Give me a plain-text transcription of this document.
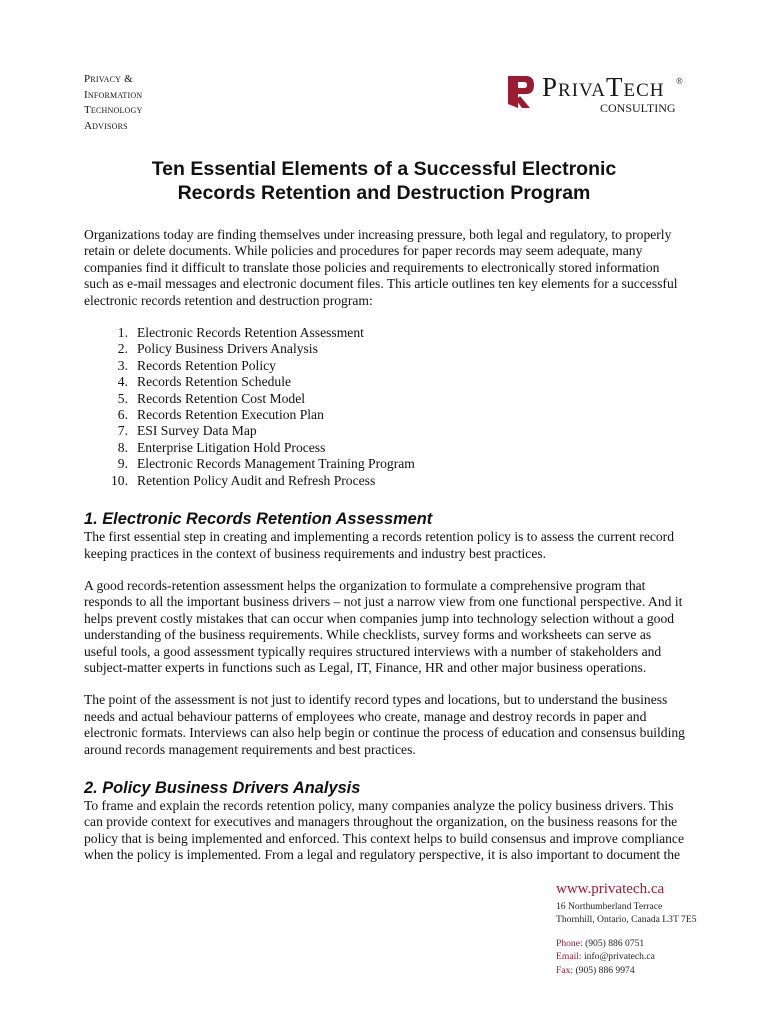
Privacy &
Information
Technology
Advisors
PrivaTech ®
CONSULTING
Ten Essential Elements of a Successful Electronic
Records Retention and Destruction Program

Organizations today are finding themselves under increasing pressure, both legal and regulatory, to properly
retain or delete documents. While policies and procedures for paper records may seem adequate, many
companies find it difficult to translate those policies and requirements to electronically stored information
such as e-mail messages and electronic document files. This article outlines ten key elements for a successful
electronic records retention and destruction program:

1. Electronic Records Retention Assessment
2. Policy Business Drivers Analysis
3. Records Retention Policy
4. Records Retention Schedule
5. Records Retention Cost Model
6. Records Retention Execution Plan
7. ESI Survey Data Map
8. Enterprise Litigation Hold Process
9. Electronic Records Management Training Program
10. Retention Policy Audit and Refresh Process
1. Electronic Records Retention Assessment

The first essential step in creating and implementing a records retention policy is to assess the current record
keeping practices in the context of business requirements and industry best practices.

A good records-retention assessment helps the organization to formulate a comprehensive program that
responds to all the important business drivers – not just a narrow view from one functional perspective. And it
helps prevent costly mistakes that can occur when companies jump into technology selection without a good
understanding of the business requirements. While checklists, survey forms and worksheets can serve as
useful tools, a good assessment typically requires structured interviews with a number of stakeholders and
subject-matter experts in functions such as Legal, IT, Finance, HR and other major business operations.

The point of the assessment is not just to identify record types and locations, but to understand the business
needs and actual behaviour patterns of employees who create, manage and destroy records in paper and
electronic formats. Interviews can also help begin or continue the process of education and consensus building
around records management requirements and best practices.

2. Policy Business Drivers Analysis

To frame and explain the records retention policy, many companies analyze the policy business drivers. This
can provide context for executives and managers throughout the organization, on the business reasons for the
policy that is being implemented and enforced. This context helps to build consensus and improve compliance
when the policy is implemented. From a legal and regulatory perspective, it is also important to document the

www.privatech.ca
16 Northumberland Terrace
Thornhill, Ontario, Canada L3T 7E5
Phone: (905) 886 0751
Email: info@privatech.ca
Fax: (905) 886 9974
